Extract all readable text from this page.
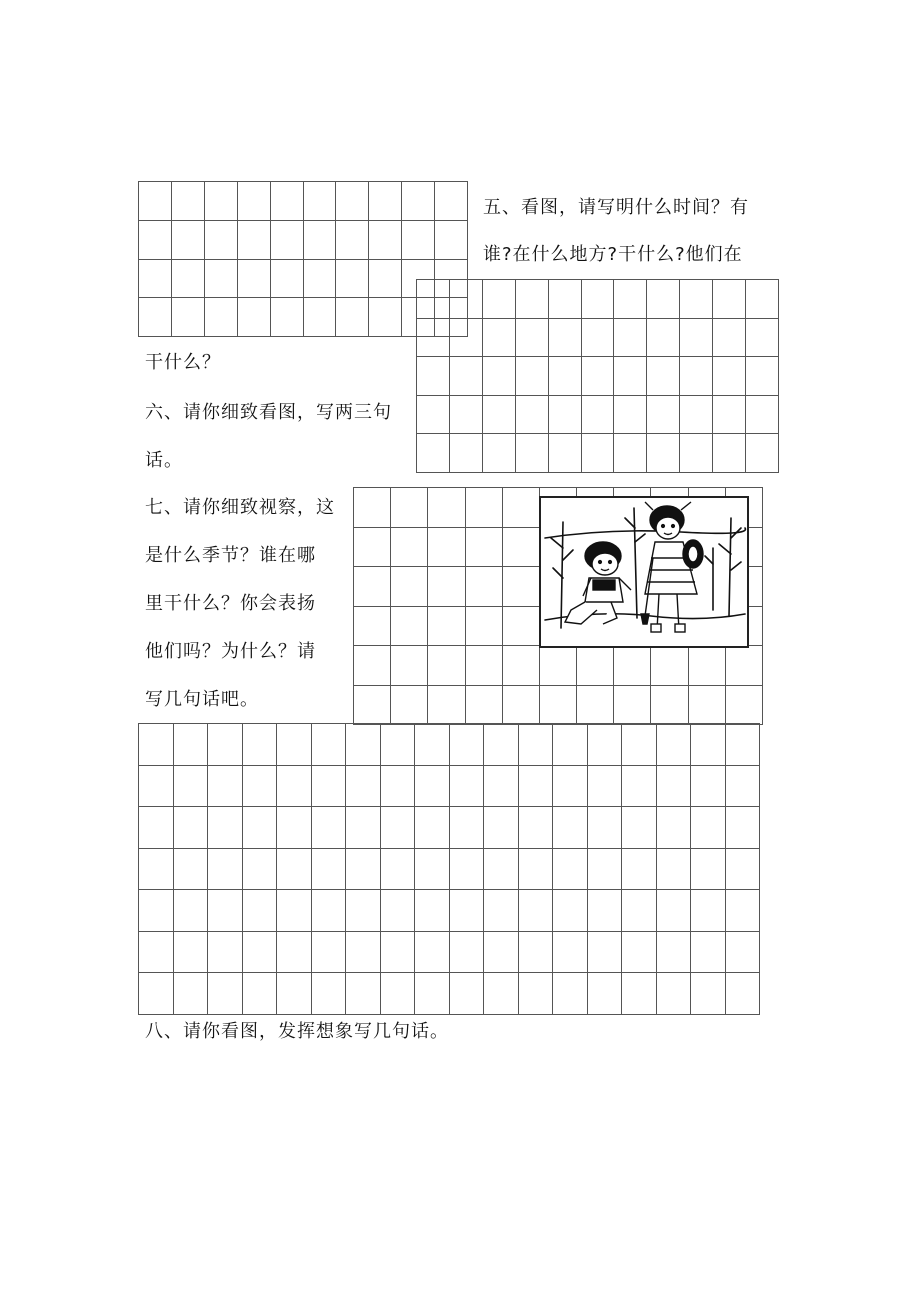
五、看图，请写明什么时间？有
谁?在什么地方?干什么?他们在
干什么？
六、请你细致看图，写两三句
话。
七、请你细致视察，这
是什么季节？谁在哪
里干什么？你会表扬
他们吗？为什么？请
写几句话吧。
八、请你看图，发挥想象写几句话。
